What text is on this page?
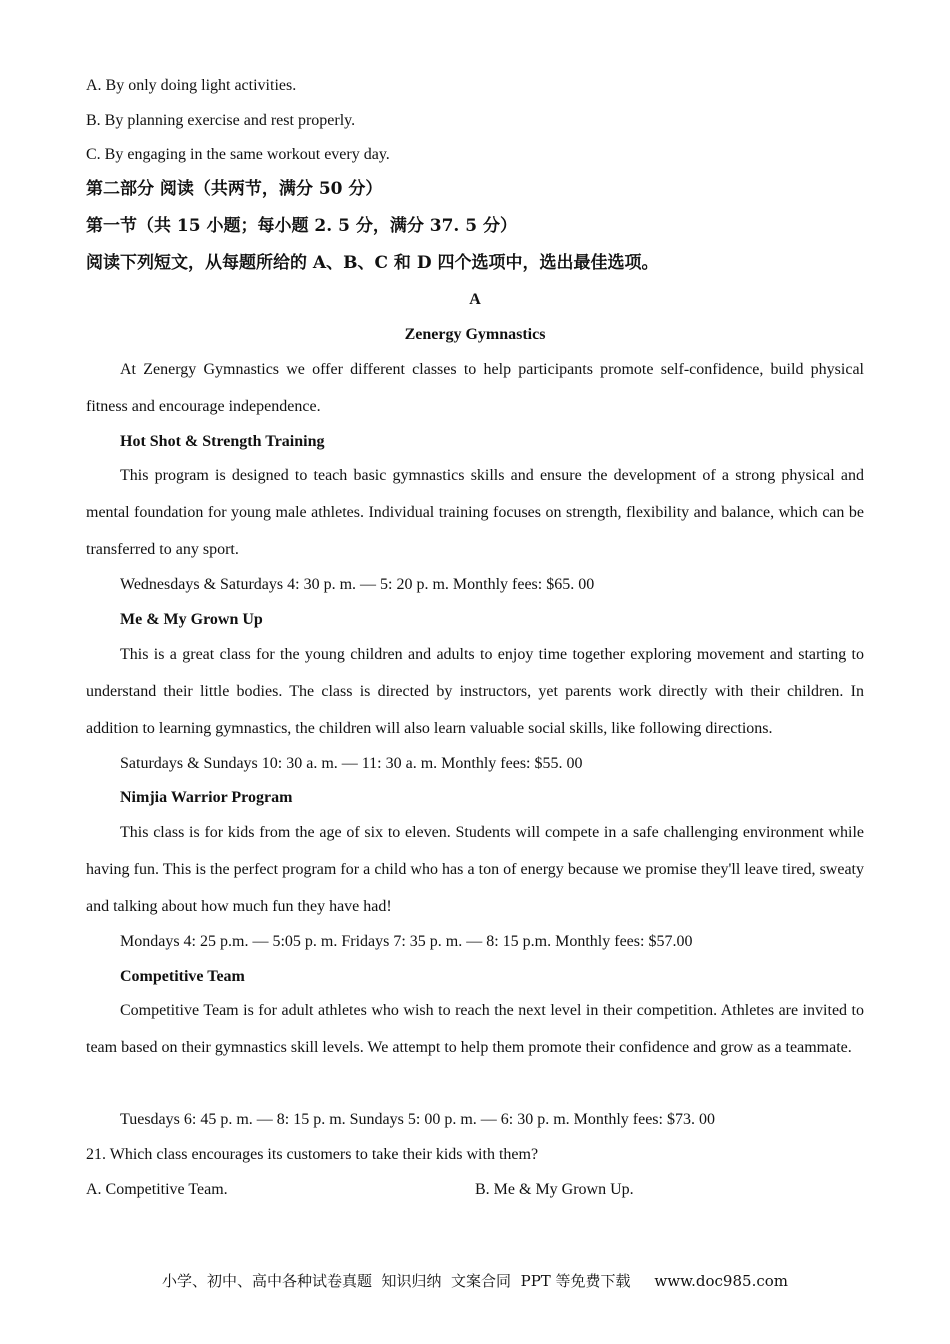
A. By only doing light activities.
B. By planning exercise and rest properly.
C. By engaging in the same workout every day.
第二部分 阅读（共两节，满分 50 分）
第一节（共 15 小题；每小题 2. 5 分，满分 37. 5 分）
阅读下列短文，从每题所给的 A、B、C 和 D 四个选项中，选出最佳选项。
A
Zenergy Gymnastics
At Zenergy Gymnastics we offer different classes to help participants promote self-confidence, build physical fitness and encourage independence.
Hot Shot & Strength Training
This program is designed to teach basic gymnastics skills and ensure the development of a strong physical and mental foundation for young male athletes. Individual training focuses on strength, flexibility and balance, which can be transferred to any sport.
Wednesdays & Saturdays 4: 30 p. m. — 5: 20 p. m. Monthly fees: $65. 00
Me & My Grown Up
This is a great class for the young children and adults to enjoy time together exploring movement and starting to understand their little bodies. The class is directed by instructors, yet parents work directly with their children. In addition to learning gymnastics, the children will also learn valuable social skills, like following directions.
Saturdays & Sundays 10: 30 a. m. — 11: 30 a. m. Monthly fees: $55. 00
Nimjia Warrior Program
This class is for kids from the age of six to eleven. Students will compete in a safe challenging environment while having fun. This is the perfect program for a child who has a ton of energy because we promise they'll leave tired, sweaty and talking about how much fun they have had!
Mondays 4: 25 p.m. — 5:05 p. m. Fridays 7: 35 p. m. — 8: 15 p.m. Monthly fees: $57.00
Competitive Team
Competitive Team is for adult athletes who wish to reach the next level in their competition. Athletes are invited to team based on their gymnastics skill levels. We attempt to help them promote their confidence and grow as a teammate.
Tuesdays 6: 45 p. m. — 8: 15 p. m. Sundays 5: 00 p. m. — 6: 30 p. m. Monthly fees: $73. 00
21. Which class encourages its customers to take their kids with them?
A. Competitive Team.	B. Me & My Grown Up.
小学、初中、高中各种试卷真题  知识归纳  文案合同  PPT 等免费下载     www.doc985.com
